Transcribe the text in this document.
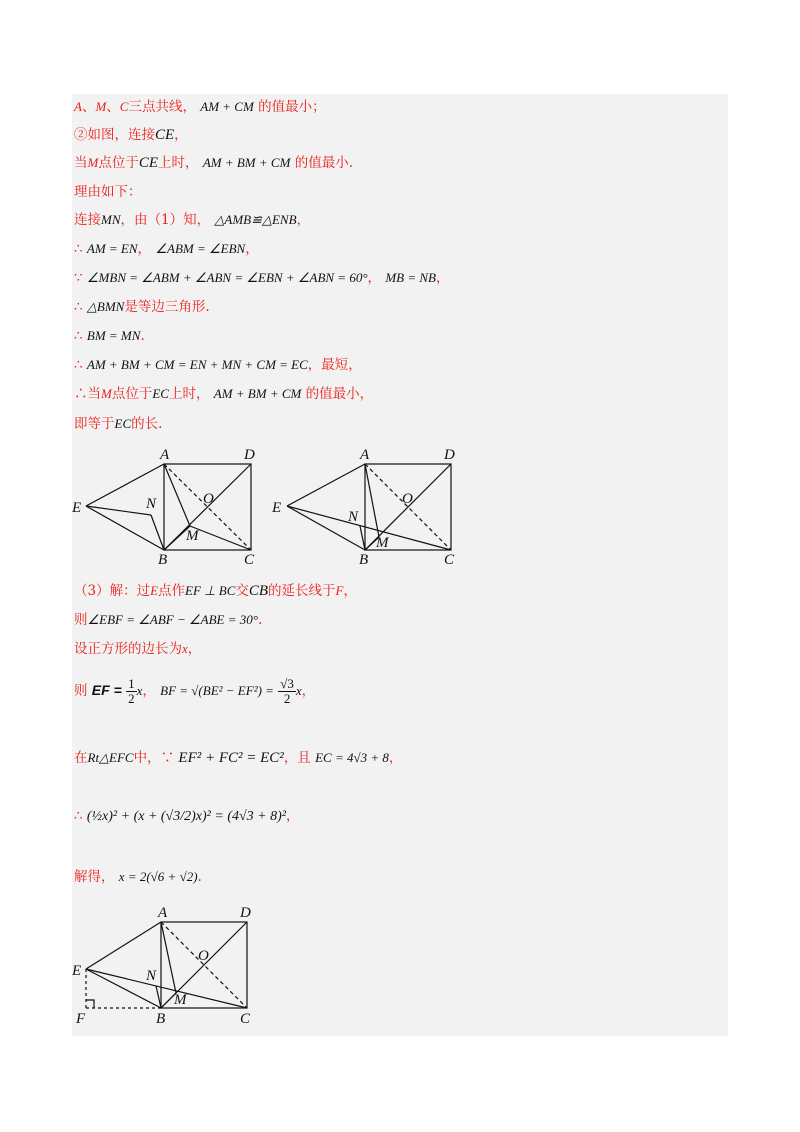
A、M、C三点共线， AM + CM 的值最小；
②如图，连接CE，
当M点位于CE上时， AM + BM + CM 的值最小.
理由如下：
连接MN，由（1）知， △AMB≌△ENB，
∴ AM = EN， ∠ABM = ∠EBN，
∵ ∠MBN = ∠ABM + ∠ABN = ∠EBN + ∠ABN = 60°， MB = NB，
∴ △BMN是等边三角形.
∴ BM = MN.
∴ AM + BM + CM = EN + MN + CM = EC，最短，
∴当M点位于EC上时， AM + BM + CM 的值最小，
即等于EC的长.
A	D
E	N	O
M
B	C
A	D
E
N
O
M
B	C
（3）解：过E点作EF ⊥ BC交CB的延长线于F，
则∠EBF = ∠ABF − ∠ABE = 30°.
设正方形的边长为x，
则 EF = $\frac{1}{2}$ x， BF = $√(BE^2 - EF^2) = \frac{√3}{2}$ x，
在Rt△EFC中，∵ EF² + FC² = EC²，且 EC = 4√3 + 8，
∴ (½x)² + (x + (√3/2)x)² = (4√3 + 8)²，
解得， x = 2(√6 + √2).
A	D
E	N
O
M
B	C
F
